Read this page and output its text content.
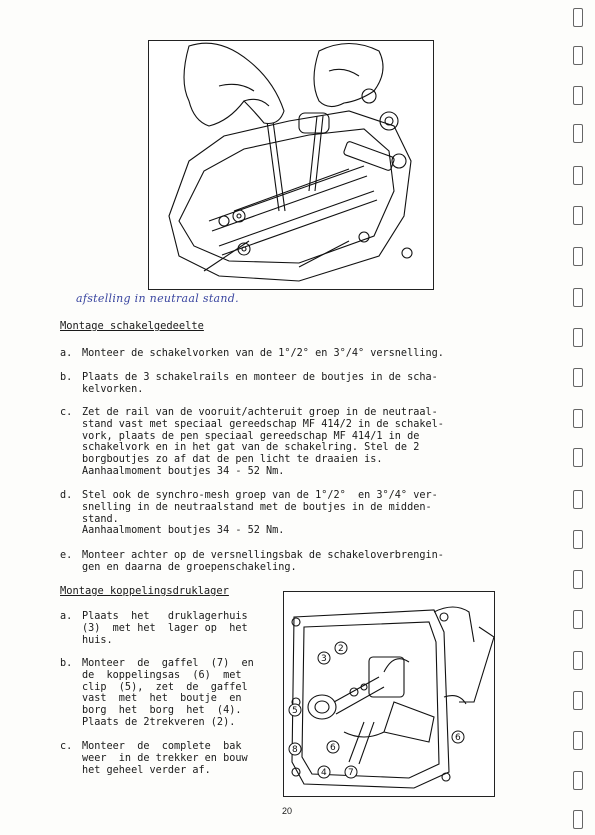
afstelling in neutraal stand.
Montage schakelgedeelte
a. Monteer de schakelvorken van de 1°/2° en 3°/4° versnelling.
b. Plaats de 3 schakelrails en monteer de boutjes in de scha-
kelvorken.
c. Zet de rail van de vooruit/achteruit groep in de neutraal-
stand vast met speciaal gereedschap MF 414/2 in de schakel-
vork, plaats de pen speciaal gereedschap MF 414/1 in de
schakelvork en in het gat van de schakelring. Stel de 2
borgboutjes zo af dat de pen licht te draaien is.
Aanhaalmoment boutjes 34 - 52 Nm.
d. Stel ook de synchro-mesh groep van de 1°/2°  en 3°/4° ver-
snelling in de neutraalstand met de boutjes in de midden-
stand.
Aanhaalmoment boutjes 34 - 52 Nm.
e. Monteer achter op de versnellingsbak de schakeloverbrengin-
gen en daarna de groepenschakeling.
Montage koppelingsdruklager
a. Plaats  het   druklagerhuis
(3)  met het  lager op  het
huis.
b. Monteer  de  gaffel  (7)  en
de  koppelingsas  (6)  met
clip  (5),  zet  de  gaffel
vast  met  het  boutje  en
borg  het  borg  het  (4).
Plaats de 2trekveren (2).
c. Monteer  de  complete  bak
weer  in de trekker en bouw
het geheel verder af.
2
3
4
5
6
7
8	6
20
